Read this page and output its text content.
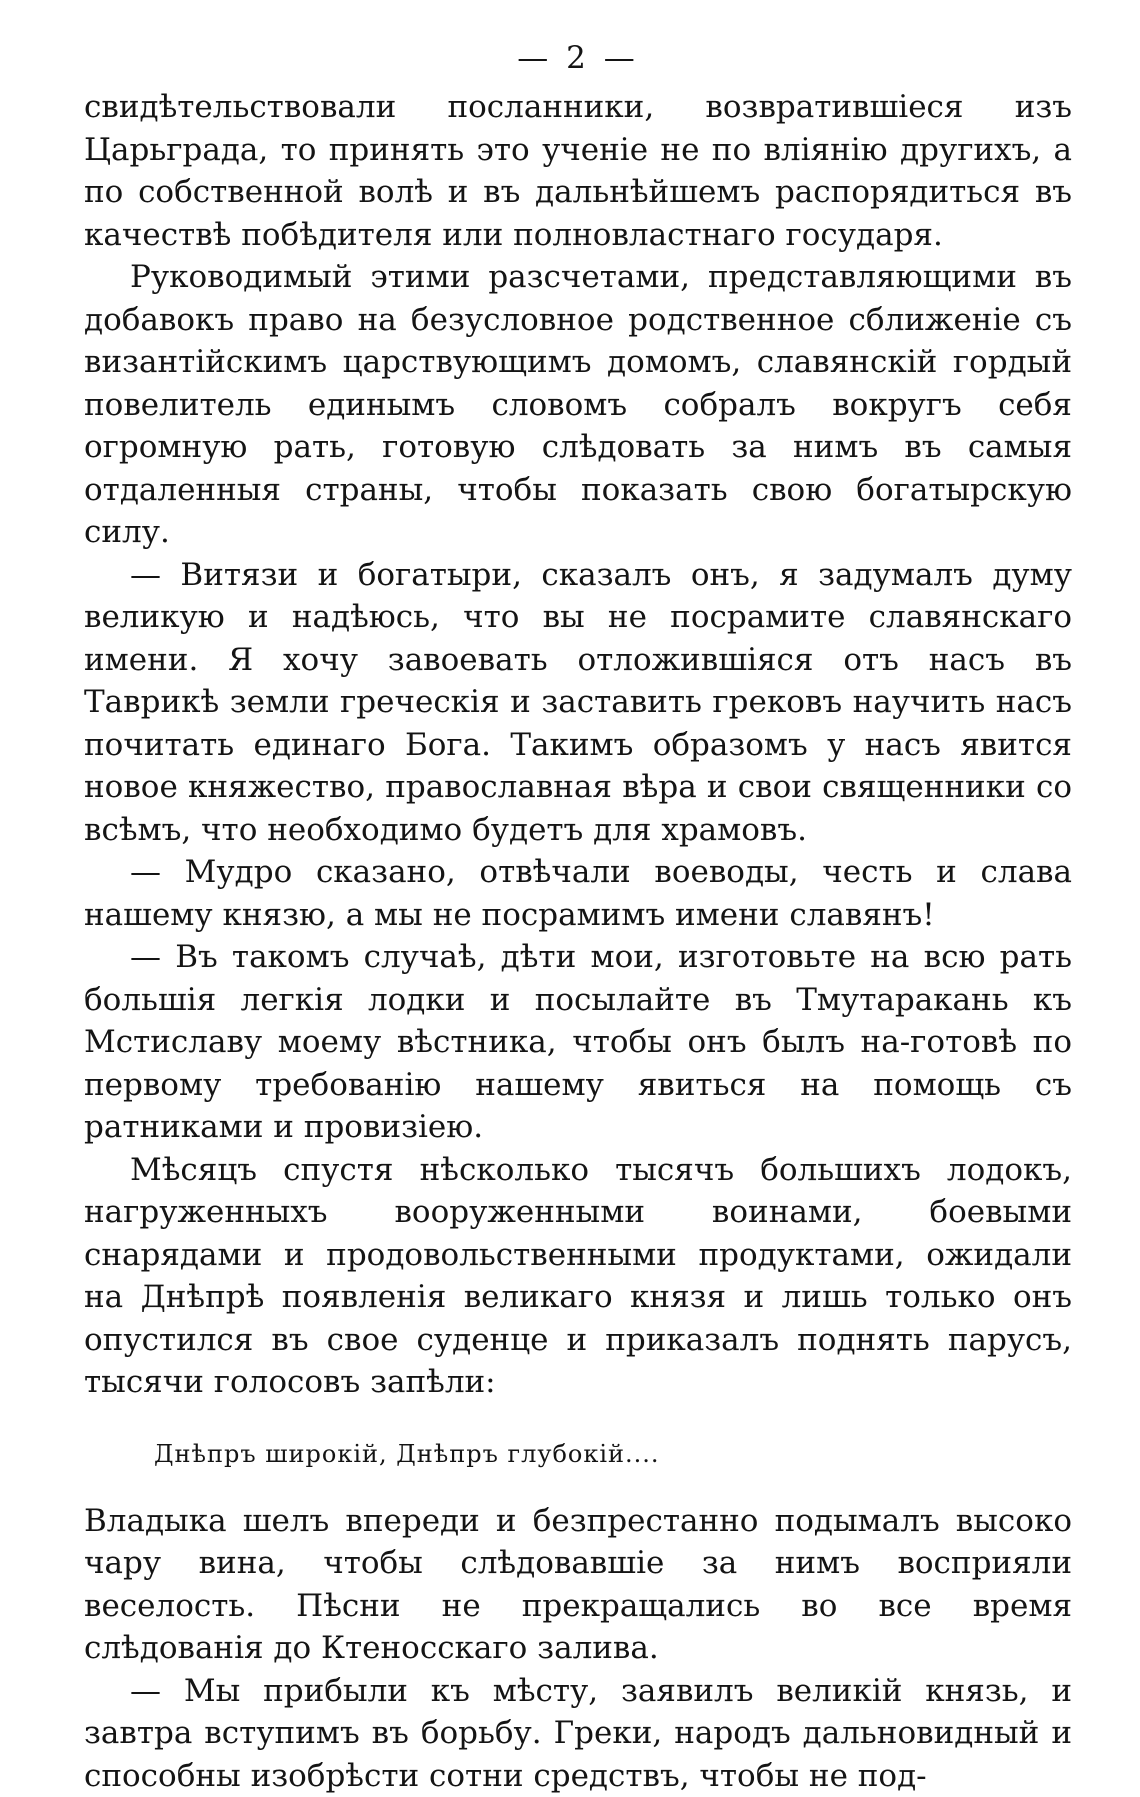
— 2 —

свидѣтельствовали посланники, возвратившіеся изъ Царьграда, то принять это ученіе не по вліянію другихъ, а по собственной волѣ и въ дальнѣйшемъ распорядиться въ качествѣ побѣдителя или полновластнаго государя.

Руководимый этими разсчетами, представляющими въ добавокъ право на безусловное родственное сближеніе съ византійскимъ царствующимъ домомъ, славянскій гордый повелитель единымъ словомъ собралъ вокругъ себя огромную рать, готовую слѣдовать за нимъ въ самыя отдаленныя страны, чтобы показать свою богатырскую силу.

— Витязи и богатыри, сказалъ онъ, я задумалъ думу великую и надѣюсь, что вы не посрамите славянскаго имени. Я хочу завоевать отложившіяся отъ насъ въ Таврикѣ земли греческія и заставить грековъ научить насъ почитать единаго Бога. Такимъ образомъ у насъ явится новое княжество, православная вѣра и свои священники со всѣмъ, что необходимо будетъ для храмовъ.

— Мудро сказано, отвѣчали воеводы, честь и слава нашему князю, а мы не посрамимъ имени славянъ!

— Въ такомъ случаѣ, дѣти мои, изготовьте на всю рать большія легкія лодки и посылайте въ Тмутаракань къ Мстиславу моему вѣстника, чтобы онъ былъ на-готовѣ по первому требованію нашему явиться на помощь съ ратниками и провизіею.

Мѣсяцъ спустя нѣсколько тысячъ большихъ лодокъ, нагруженныхъ вооруженными воинами, боевыми снарядами и продовольственными продуктами, ожидали на Днѣпрѣ появленія великаго князя и лишь только онъ опустился въ свое суденце и приказалъ поднять парусъ, тысячи голосовъ запѣли:

Днѣпръ широкій, Днѣпръ глубокій....

Владыка шелъ впереди и безпрестанно подымалъ высоко чару вина, чтобы слѣдовавшіе за нимъ восприяли веселость. Пѣсни не прекращались во все время слѣдованія до Ктеносскаго залива.

— Мы прибыли къ мѣсту, заявилъ великій князь, и завтра вступимъ въ борьбу. Греки, народъ дальновидный и способны изобрѣсти сотни средствъ, чтобы не под-
